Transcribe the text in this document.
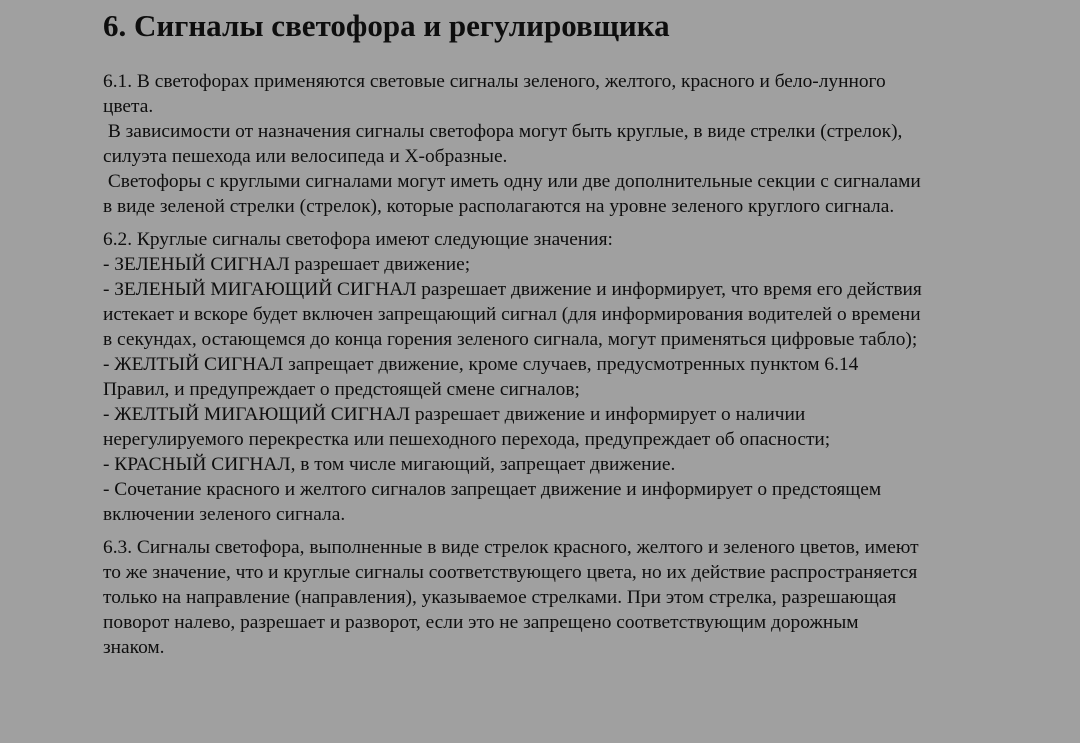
6. Сигналы светофора и регулировщика
6.1. В светофорах применяются световые сигналы зеленого, желтого, красного и бело-лунного
цвета.
В зависимости от назначения сигналы светофора могут быть круглые, в виде стрелки (стрелок),
силуэта пешехода или велосипеда и Х-образные.
Светофоры с круглыми сигналами могут иметь одну или две дополнительные секции с сигналами
в виде зеленой стрелки (стрелок), которые располагаются на уровне зеленого круглого сигнала.
6.2. Круглые сигналы светофора имеют следующие значения:
- ЗЕЛЕНЫЙ СИГНАЛ разрешает движение;
- ЗЕЛЕНЫЙ МИГАЮЩИЙ СИГНАЛ разрешает движение и информирует, что время его действия
истекает и вскоре будет включен запрещающий сигнал (для информирования водителей о времени
в секундах, остающемся до конца горения зеленого сигнала, могут применяться цифровые табло);
- ЖЕЛТЫЙ СИГНАЛ запрещает движение, кроме случаев, предусмотренных пунктом 6.14
Правил, и предупреждает о предстоящей смене сигналов;
- ЖЕЛТЫЙ МИГАЮЩИЙ СИГНАЛ разрешает движение и информирует о наличии
нерегулируемого перекрестка или пешеходного перехода, предупреждает об опасности;
- КРАСНЫЙ СИГНАЛ, в том числе мигающий, запрещает движение.
- Сочетание красного и желтого сигналов запрещает движение и информирует о предстоящем
включении зеленого сигнала.
6.3. Сигналы светофора, выполненные в виде стрелок красного, желтого и зеленого цветов, имеют
то же значение, что и круглые сигналы соответствующего цвета, но их действие распространяется
только на направление (направления), указываемое стрелками. При этом стрелка, разрешающая
поворот налево, разрешает и разворот, если это не запрещено соответствующим дорожным
знаком.
